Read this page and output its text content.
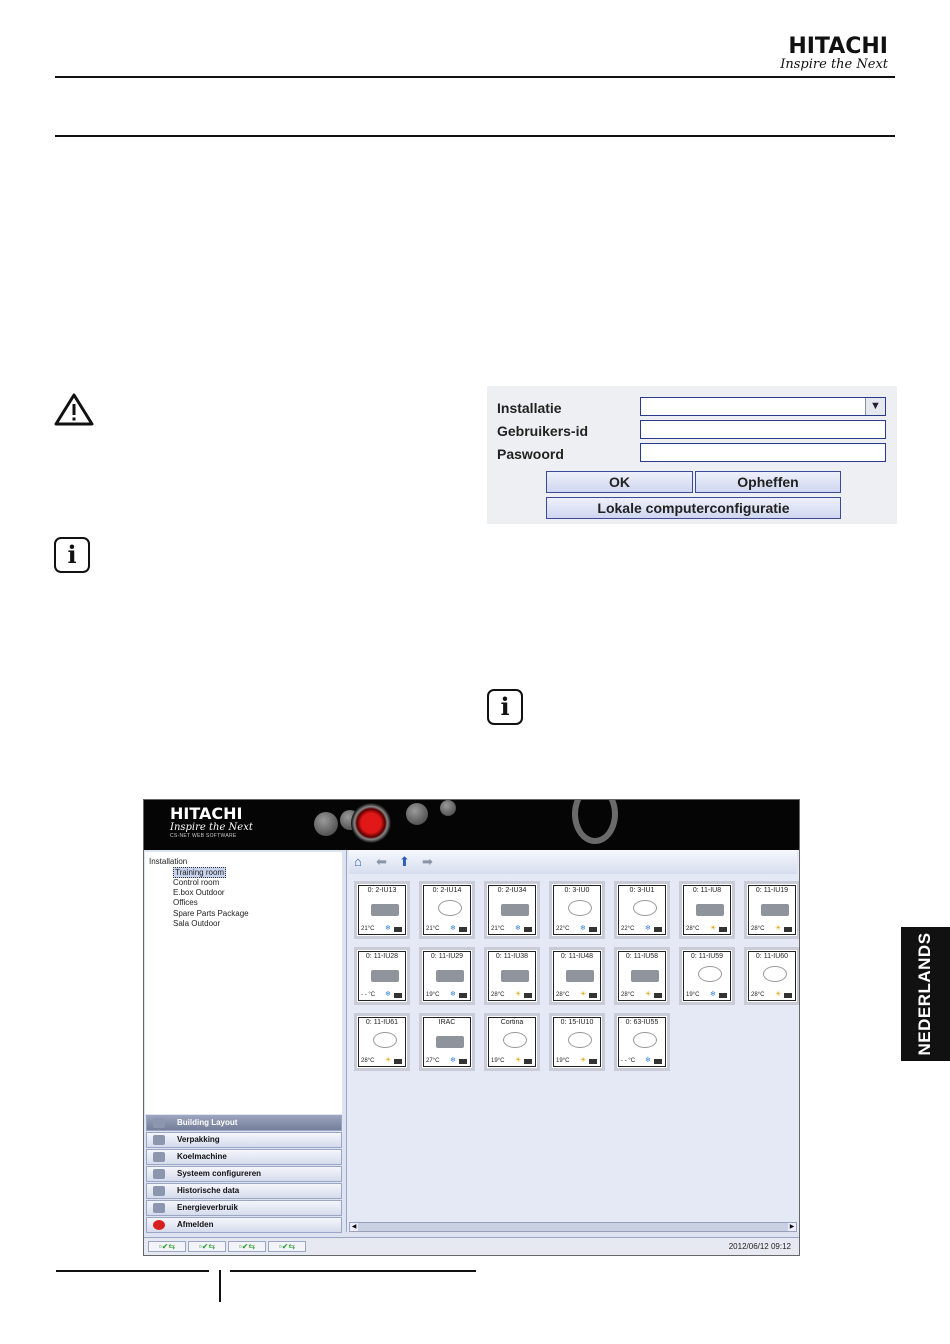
HITACHI
Inspire the Next
i
i
Installatie	▼
Gebruikers-id
Paswoord
OK	Opheffen
Lokale computerconfiguratie
NEDERLANDS
HITACHI
Inspire the Next
CS-NET WEB SOFTWARE
Installation
Training room
Control room
E.box Outdoor
Offices
Spare Parts Package
Sala Outdoor
Building Layout
Verpakking
Koelmachine
Systeem configureren
Historische data
Energieverbruik
Afmelden
⌂ ⬅ ⬆ ➡
0: 2-IU13
21°C ❄
0: 2-IU14
21°C ❄
0: 2-IU34
21°C ❄
0: 3-IU0
22°C ❄
0: 3-IU1
22°C ❄
0: 11-IU8
28°C ☀
0: 11-IU19
28°C ☀
0: 11-IU28
- - °C ❄
0: 11-IU29
19°C ❄
0: 11-IU38
28°C ☀
0: 11-IU48
28°C ☀
0: 11-IU58
28°C ☀
0: 11-IU59
19°C ❄
0: 11-IU60
28°C ☀
0: 11-IU61
28°C ☀
IRAC
27°C ❄
Cortina
19°C ☀
0: 15-IU10
19°C ☀
0: 63-IU55
- - °C ❄
◀	▶
▫✔⇆	▫✔⇆	▫✔⇆	▫✔⇆	2012/06/12 09:12
